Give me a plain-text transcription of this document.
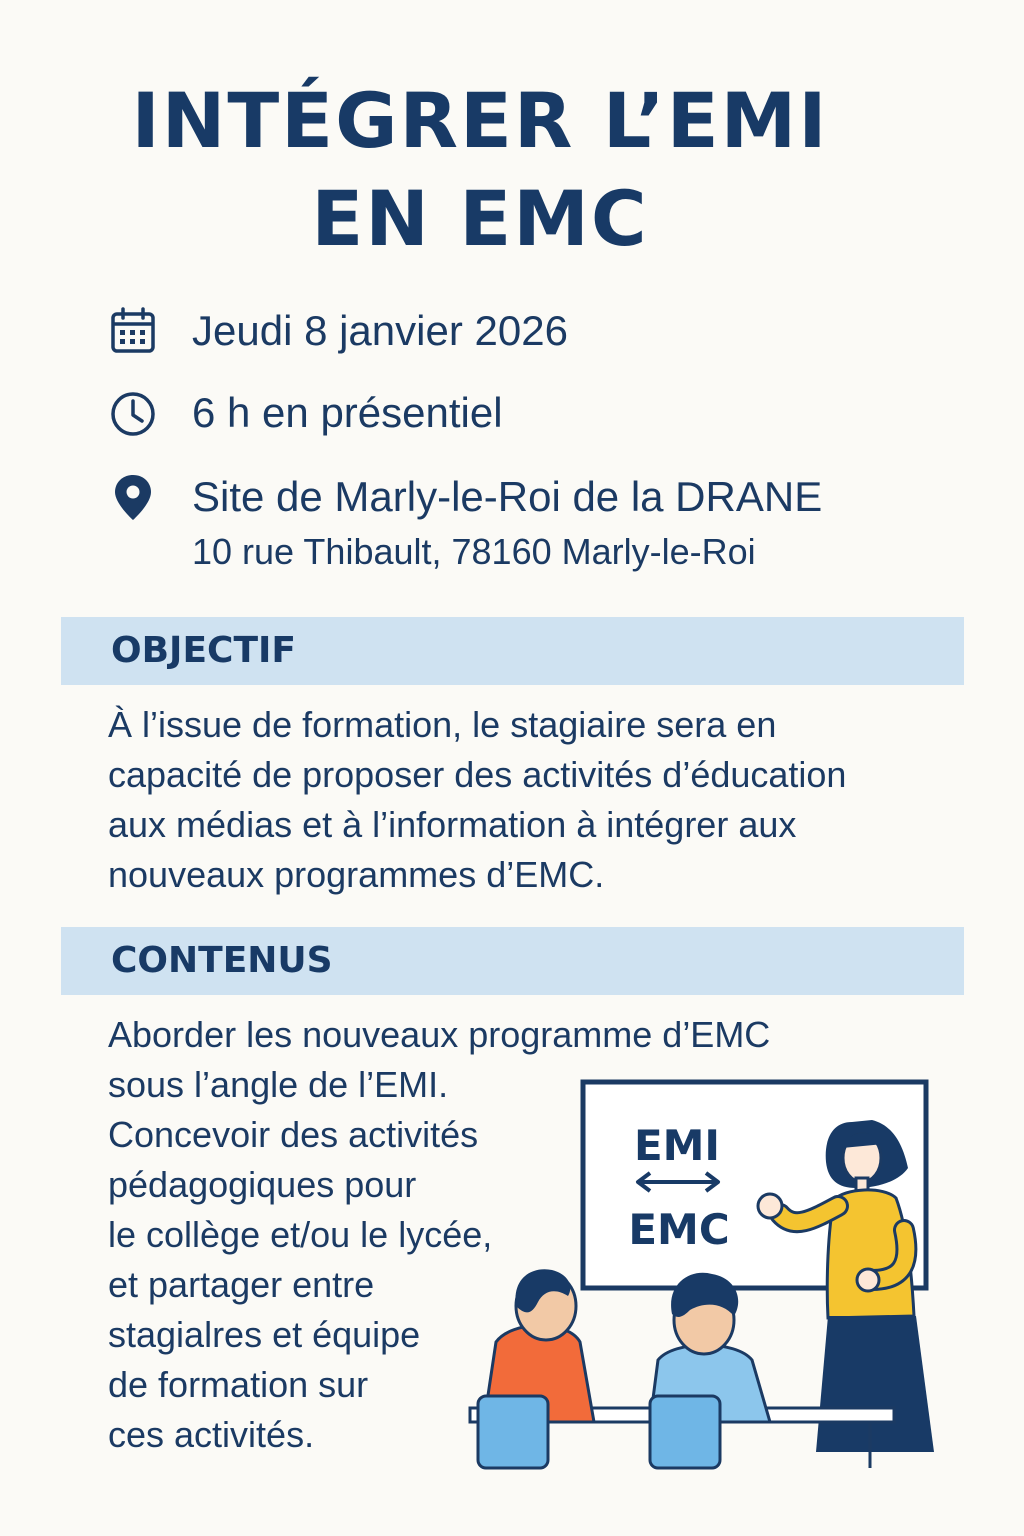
INTÉGRER L’EMI
EN EMC
Jeudi 8 janvier 2026
6 h en présentiel
Site de Marly-le-Roi de la DRANE
10 rue Thibault, 78160 Marly-le-Roi
OBJECTIF
À l’issue de formation, le stagiaire sera en
capacité de proposer des activités d’éducation
aux médias et à l’information à intégrer aux
nouveaux programmes d’EMC.
CONTENUS
Aborder les nouveaux programme d’EMC
sous l’angle de l’EMI.
Concevoir des activités
pédagogiques pour
le collège et/ou le lycée,
et partager entre
stagialres et équipe
de formation sur
ces activités.
EMI
EMC
